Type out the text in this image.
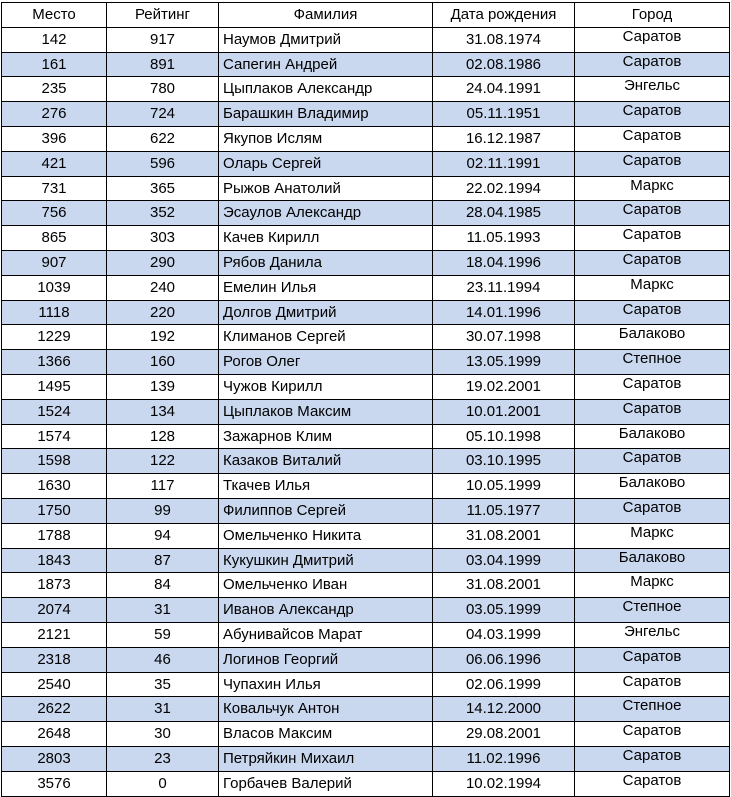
Место	Рейтинг	Фамилия	Дата рождения	Город
142	917	Наумов Дмитрий	31.08.1974	Саратов
161	891	Сапегин Андрей	02.08.1986	Саратов
235	780	Цыплаков Александр	24.04.1991	Энгельс
276	724	Барашкин Владимир	05.11.1951	Саратов
396	622	Якупов Ислям	16.12.1987	Саратов
421	596	Оларь Сергей	02.11.1991	Саратов
731	365	Рыжов Анатолий	22.02.1994	Маркс
756	352	Эсаулов Александр	28.04.1985	Саратов
865	303	Качев Кирилл	11.05.1993	Саратов
907	290	Рябов Данила	18.04.1996	Саратов
1039	240	Емелин Илья	23.11.1994	Маркс
1118	220	Долгов Дмитрий	14.01.1996	Саратов
1229	192	Климанов Сергей	30.07.1998	Балаково
1366	160	Рогов Олег	13.05.1999	Степное
1495	139	Чужов Кирилл	19.02.2001	Саратов
1524	134	Цыплаков Максим	10.01.2001	Саратов
1574	128	Зажарнов Клим	05.10.1998	Балаково
1598	122	Казаков Виталий	03.10.1995	Саратов
1630	117	Ткачев Илья	10.05.1999	Балаково
1750	99	Филиппов Сергей	11.05.1977	Саратов
1788	94	Омельченко Никита	31.08.2001	Маркс
1843	87	Кукушкин Дмитрий	03.04.1999	Балаково
1873	84	Омельченко Иван	31.08.2001	Маркс
2074	31	Иванов Александр	03.05.1999	Степное
2121	59	Абунивайсов Марат	04.03.1999	Энгельс
2318	46	Логинов Георгий	06.06.1996	Саратов
2540	35	Чупахин Илья	02.06.1999	Саратов
2622	31	Ковальчук Антон	14.12.2000	Степное
2648	30	Власов Максим	29.08.2001	Саратов
2803	23	Петряйкин Михаил	11.02.1996	Саратов
3576	0	Горбачев Валерий	10.02.1994	Саратов
